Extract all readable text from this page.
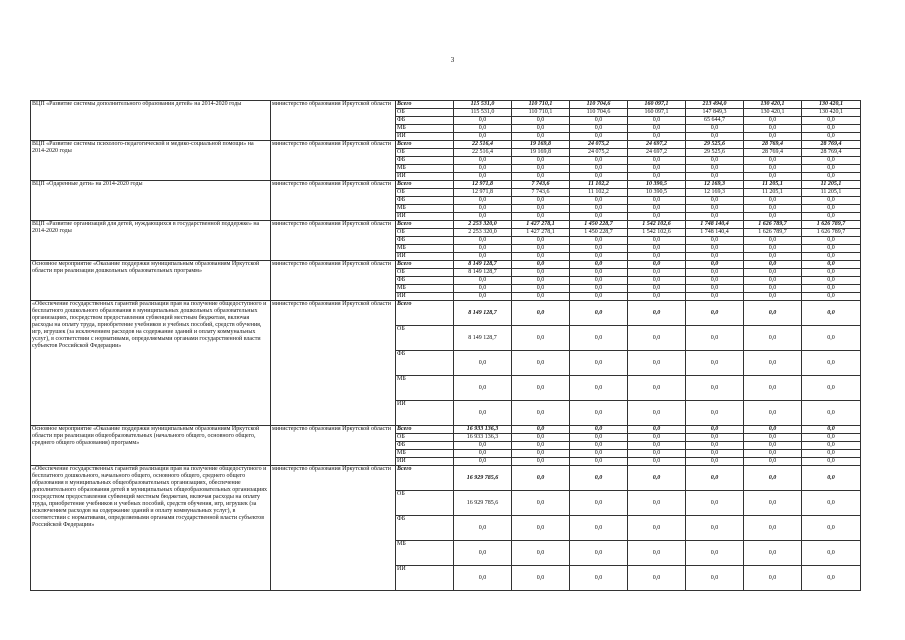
3
ВЦП «Развитие системы дополнительного образования детей» на 2014-2020 годы	министерство образования Иркутской области	Всего	115 531,0	110 710,1	110 704,6	160 097,1	213 494,0	130 420,1	130 420,1
		ОБ	115 531,0	110 710,1	110 704,6	160 097,1	147 849,3	130 420,1	130 420,1
		ФБ	0,0	0,0	0,0	0,0	65 644,7	0,0	0,0
		МБ	0,0	0,0	0,0	0,0	0,0	0,0	0,0
		ИИ	0,0	0,0	0,0	0,0	0,0	0,0	0,0
ВЦП «Развитие системы психолого-педагогической и медико-социальной помощи» на 2014-2020 годы	министерство образования Иркутской области	Всего	22 516,4	19 169,8	24 075,2	24 697,2	29 525,6	28 769,4	28 769,4
		ОБ	22 516,4	19 169,8	24 075,2	24 697,2	29 525,6	28 769,4	28 769,4
		ФБ	0,0	0,0	0,0	0,0	0,0	0,0	0,0
		МБ	0,0	0,0	0,0	0,0	0,0	0,0	0,0
		ИИ	0,0	0,0	0,0	0,0	0,0	0,0	0,0
ВЦП «Одаренные дети» на 2014-2020 годы	министерство образования Иркутской области	Всего	12 971,8	7 743,6	11 102,2	10 390,5	12 169,3	11 205,1	11 205,1
		ОБ	12 971,8	7 743,6	11 102,2	10 390,5	12 169,3	11 205,1	11 205,1
		ФБ	0,0	0,0	0,0	0,0	0,0	0,0	0,0
		МБ	0,0	0,0	0,0	0,0	0,0	0,0	0,0
		ИИ	0,0	0,0	0,0	0,0	0,0	0,0	0,0
ВЦП «Развитие организаций для детей, нуждающихся в государственной поддержке» на 2014-2020 годы	министерство образования Иркутской области	Всего	2 253 320,0	1 427 278,1	1 450 228,7	1 542 102,6	1 748 140,4	1 626 789,7	1 626 789,7
		ОБ	2 253 320,0	1 427 278,1	1 450 228,7	1 542 102,6	1 748 140,4	1 626 789,7	1 626 789,7
		ФБ	0,0	0,0	0,0	0,0	0,0	0,0	0,0
		МБ	0,0	0,0	0,0	0,0	0,0	0,0	0,0
		ИИ	0,0	0,0	0,0	0,0	0,0	0,0	0,0
Основное мероприятие «Оказание поддержки муниципальным образованиям Иркутской области при реализации дошкольных образовательных программ»	министерство образования Иркутской области	Всего	8 149 128,7	0,0	0,0	0,0	0,0	0,0	0,0
		ОБ	8 149 128,7	0,0	0,0	0,0	0,0	0,0	0,0
		ФБ	0,0	0,0	0,0	0,0	0,0	0,0	0,0
		МБ	0,0	0,0	0,0	0,0	0,0	0,0	0,0
		ИИ	0,0	0,0	0,0	0,0	0,0	0,0	0,0
«Обеспечение государственных гарантий реализации прав на получение общедоступного и бесплатного дошкольного образования в муниципальных дошкольных образовательных организациях, посредством предоставления субвенций местным бюджетам, включая расходы на оплату труда, приобретение учебников и учебных пособий, средств обучения, игр, игрушек (за исключением расходов на содержание зданий и оплату коммунальных услуг), в соответствии с нормативами, определяемыми органами государственной власти субъектов Российской Федерации»	министерство образования Иркутской области	Всего	8 149 128,7	0,0	0,0	0,0	0,0	0,0	0,0
		ОБ	8 149 128,7	0,0	0,0	0,0	0,0	0,0	0,0
		ФБ	0,0	0,0	0,0	0,0	0,0	0,0	0,0
		МБ	0,0	0,0	0,0	0,0	0,0	0,0	0,0
		ИИ	0,0	0,0	0,0	0,0	0,0	0,0	0,0
Основное мероприятие «Оказание поддержки муниципальным образованиям Иркутской области при реализации общеобразовательных (начального общего, основного общего, среднего общего образования) программ»	министерство образования Иркутской области	Всего	16 933 136,3	0,0	0,0	0,0	0,0	0,0	0,0
		ОБ	16 933 136,3	0,0	0,0	0,0	0,0	0,0	0,0
		ФБ	0,0	0,0	0,0	0,0	0,0	0,0	0,0
		МБ	0,0	0,0	0,0	0,0	0,0	0,0	0,0
		ИИ	0,0	0,0	0,0	0,0	0,0	0,0	0,0
«Обеспечение государственных гарантий реализации прав на получение общедоступного и бесплатного дошкольного, начального общего, основного общего, среднего общего образования в муниципальных общеобразовательных организациях, обеспечение дополнительного образования детей в муниципальных общеобразовательных организациях посредством предоставления субвенций местным бюджетам, включая расходы на оплату труда, приобретение учебников и учебных пособий, средств обучения, игр, игрушек (за исключением расходов на содержание зданий и оплату коммунальных услуг), в соответствии с нормативами, определяемыми органами государственной власти субъектов Российской Федерации»	министерство образования Иркутской области	Всего	16 929 785,6	0,0	0,0	0,0	0,0	0,0	0,0
		ОБ	16 929 785,6	0,0	0,0	0,0	0,0	0,0	0,0
		ФБ	0,0	0,0	0,0	0,0	0,0	0,0	0,0
		МБ	0,0	0,0	0,0	0,0	0,0	0,0	0,0
		ИИ	0,0	0,0	0,0	0,0	0,0	0,0	0,0
